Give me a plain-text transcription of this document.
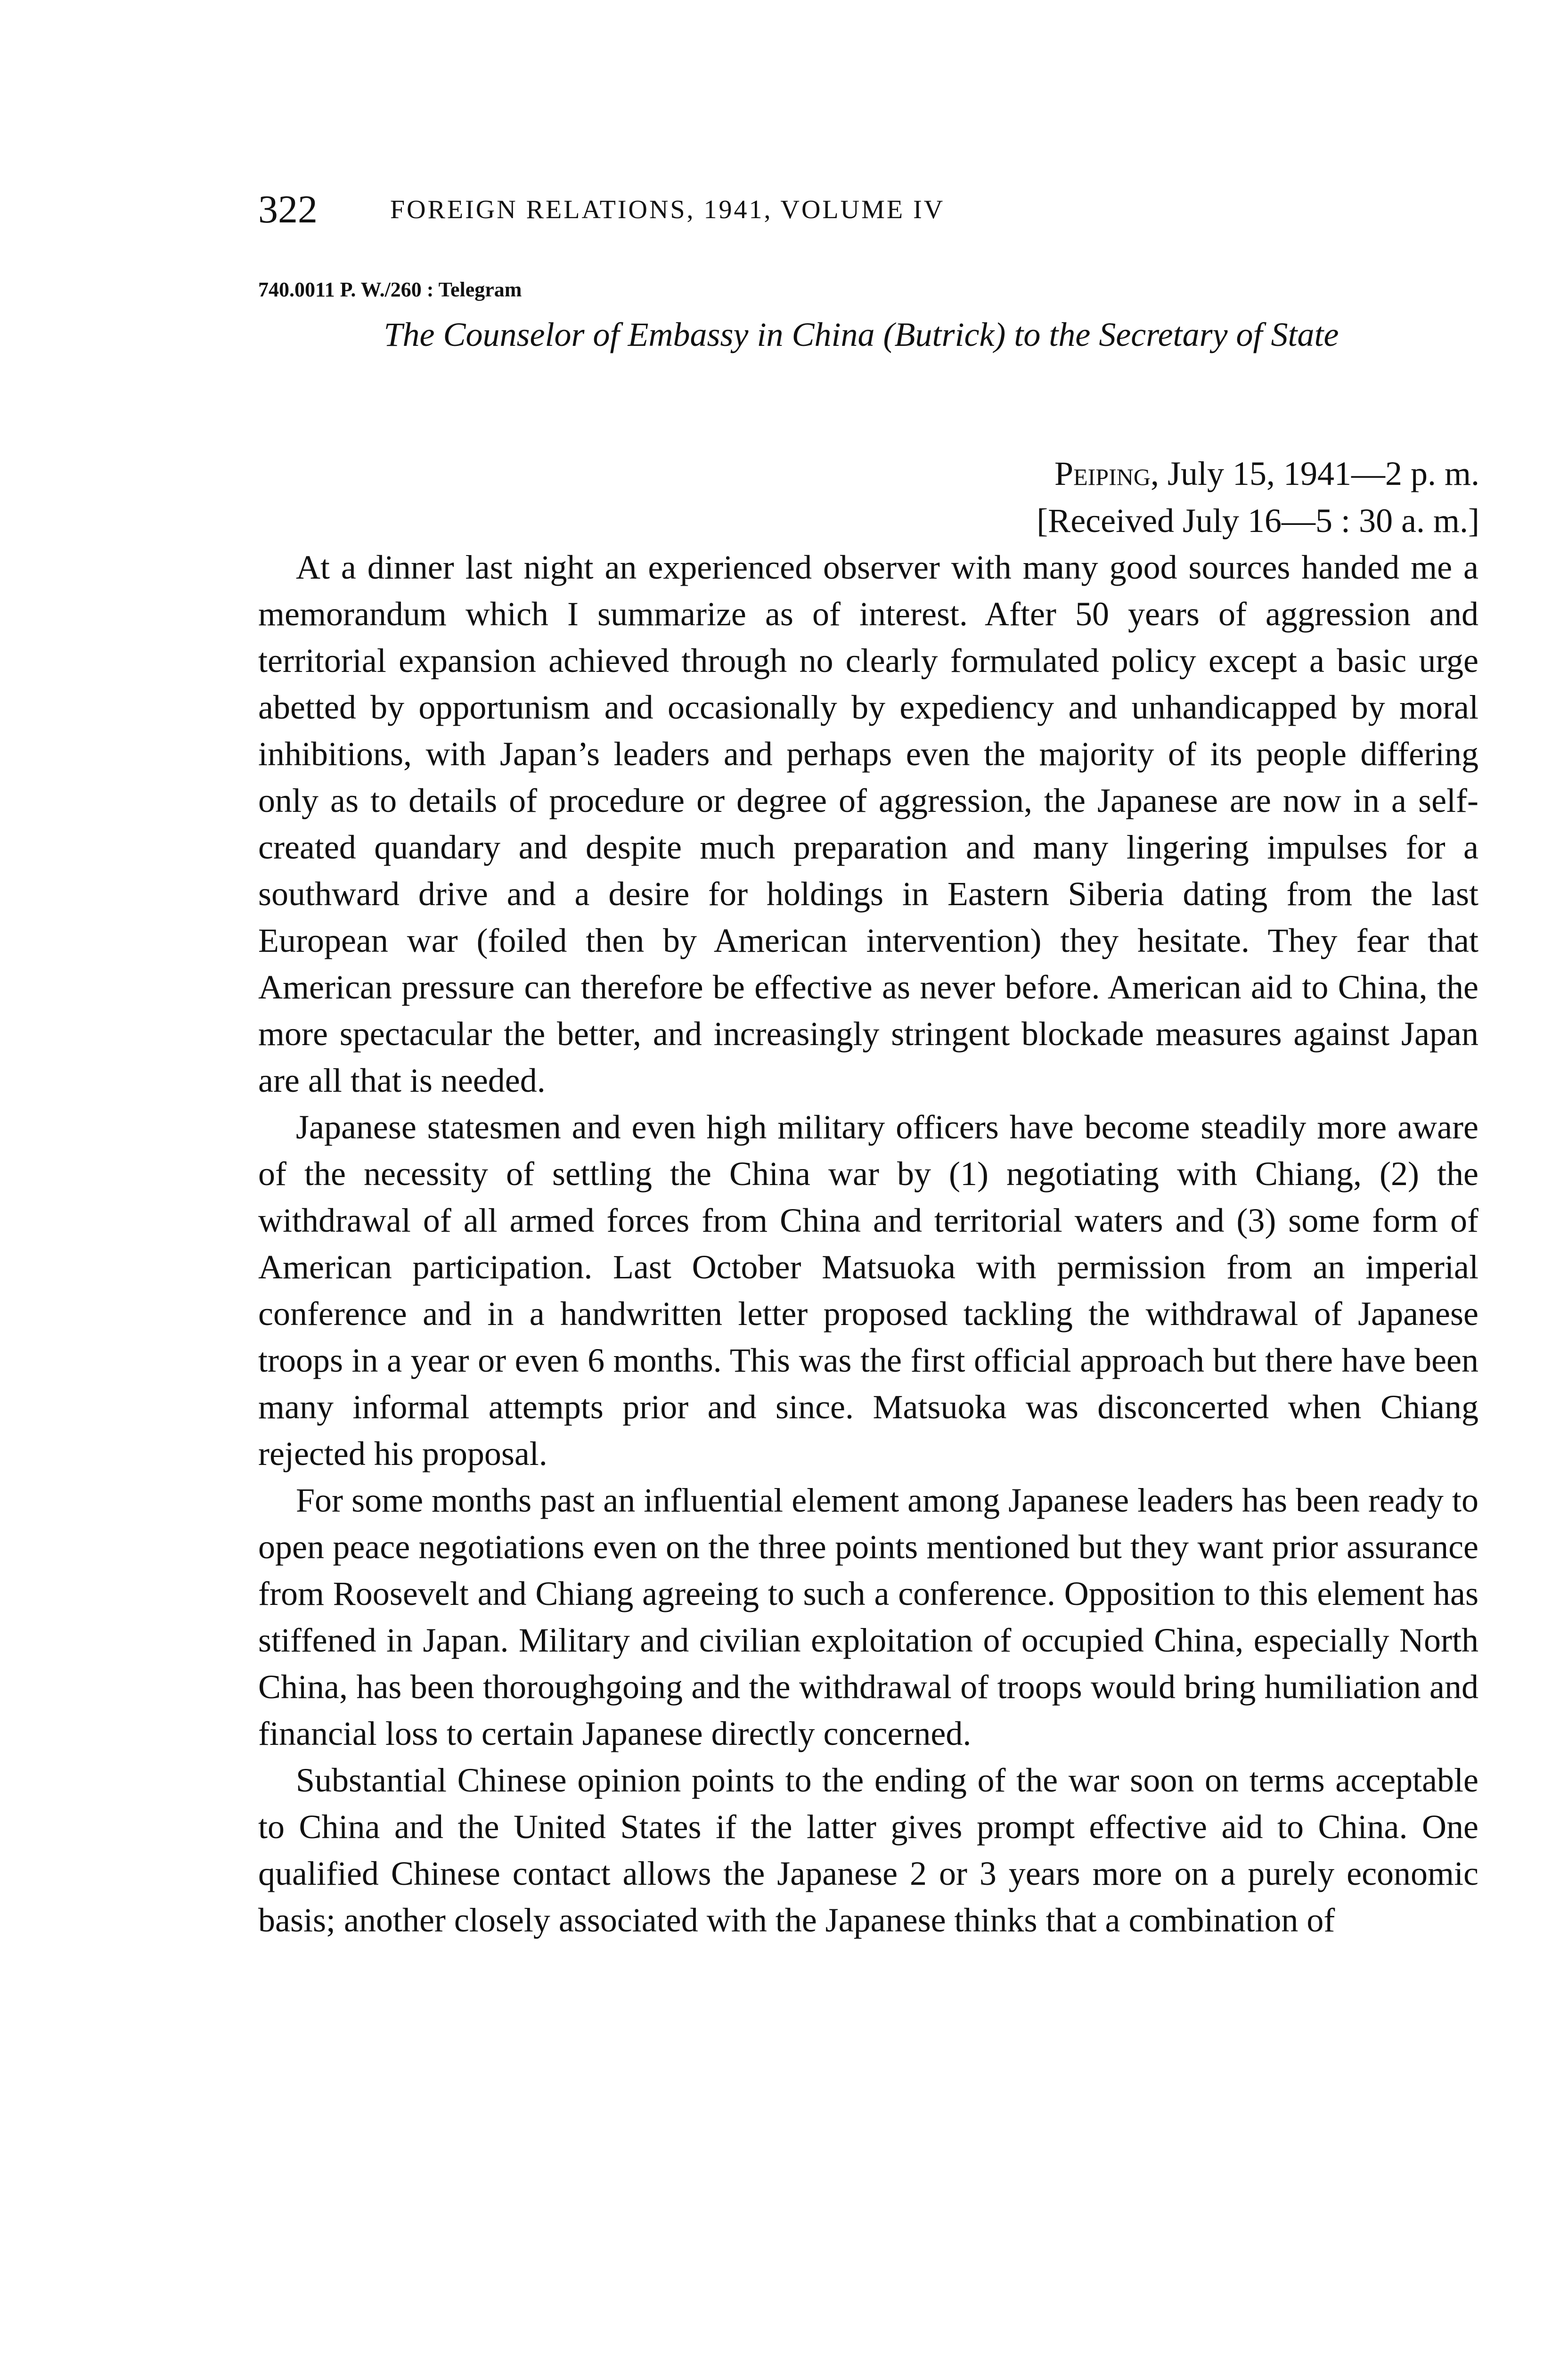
322	FOREIGN RELATIONS, 1941, VOLUME IV
740.0011 P. W./260 : Telegram
The Counselor of Embassy in China (Butrick) to the Secretary of State
Peiping, July 15, 1941—2 p. m.
[Received July 16—5 : 30 a. m.]

At a dinner last night an experienced observer with many good sources handed me a memorandum which I summarize as of interest. After 50 years of aggression and territorial expansion achieved through no clearly formulated policy except a basic urge abetted by opportunism and occasionally by expediency and unhandicapped by moral inhibitions, with Japan’s leaders and perhaps even the majority of its people differing only as to details of procedure or degree of aggression, the Japanese are now in a self-created quandary and despite much preparation and many lingering impulses for a southward drive and a desire for holdings in Eastern Siberia dating from the last European war (foiled then by American intervention) they hesitate. They fear that American pressure can therefore be effective as never before. American aid to China, the more spectacular the better, and increasingly stringent blockade measures against Japan are all that is needed.

Japanese statesmen and even high military officers have become steadily more aware of the necessity of settling the China war by (1) negotiating with Chiang, (2) the withdrawal of all armed forces from China and territorial waters and (3) some form of American participation. Last October Matsuoka with permission from an imperial conference and in a handwritten letter proposed tackling the withdrawal of Japanese troops in a year or even 6 months. This was the first official approach but there have been many informal attempts prior and since. Matsuoka was disconcerted when Chiang rejected his proposal.

For some months past an influential element among Japanese leaders has been ready to open peace negotiations even on the three points mentioned but they want prior assurance from Roosevelt and Chiang agreeing to such a conference. Opposition to this element has stiffened in Japan. Military and civilian exploitation of occupied China, especially North China, has been thoroughgoing and the withdrawal of troops would bring humiliation and financial loss to certain Japanese directly concerned.

Substantial Chinese opinion points to the ending of the war soon on terms acceptable to China and the United States if the latter gives prompt effective aid to China. One qualified Chinese contact allows the Japanese 2 or 3 years more on a purely economic basis; another closely associated with the Japanese thinks that a combination of
